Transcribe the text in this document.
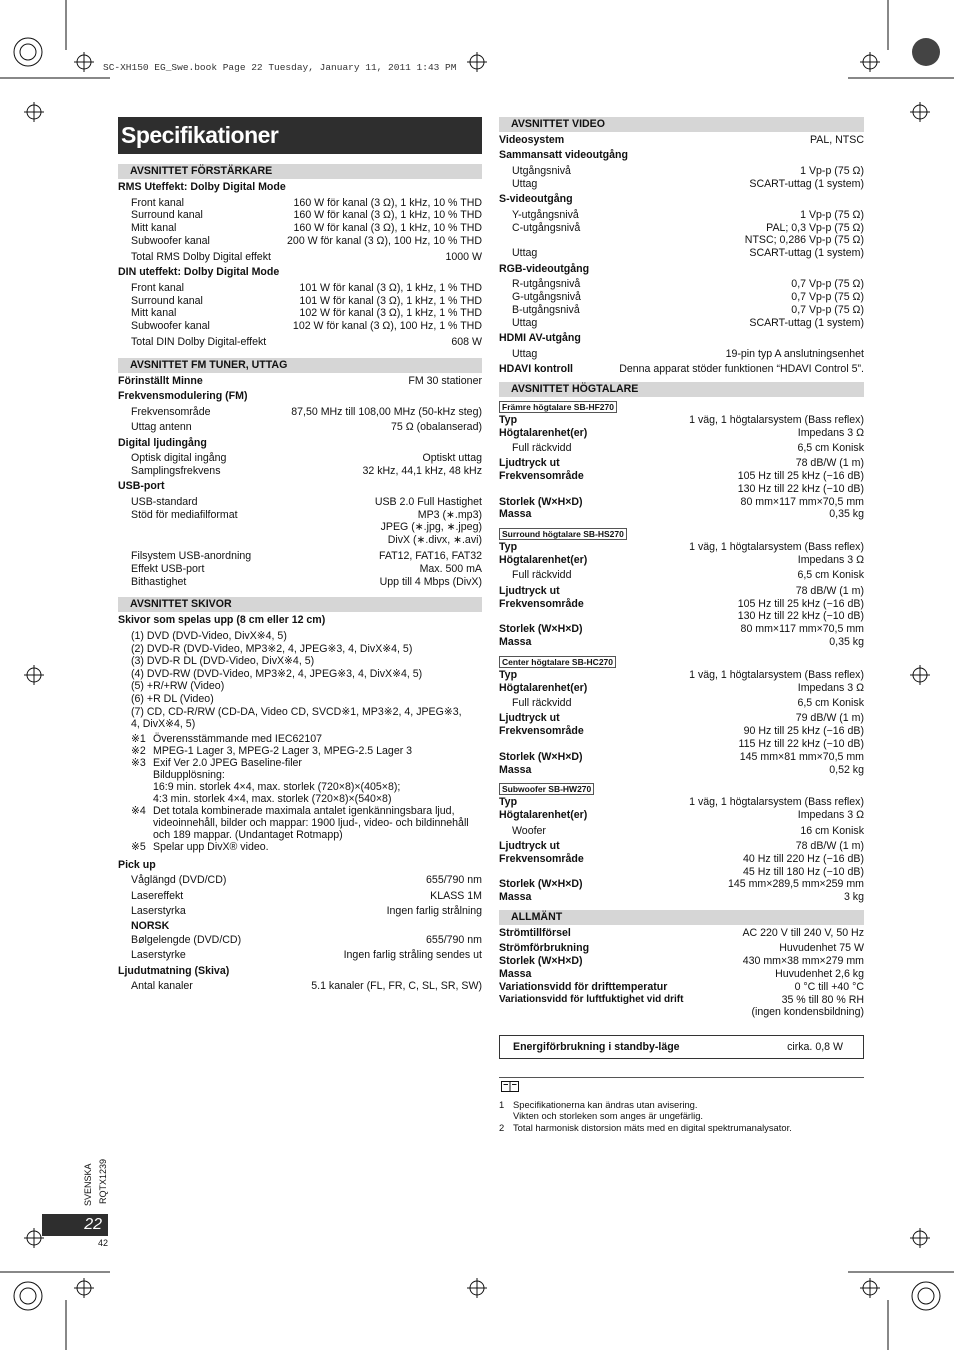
SC-XH150 EG_Swe.book Page 22 Tuesday, January 11, 2011 1:43 PM
Specifikationer
AVSNITTET FÖRSTÄRKARE
RMS Uteffekt: Dolby Digital Mode
Front kanal	160 W för kanal (3 Ω), 1 kHz, 10 % THD
Surround kanal	160 W för kanal (3 Ω), 1 kHz, 10 % THD
Mitt kanal	160 W för kanal (3 Ω), 1 kHz, 10 % THD
Subwoofer kanal	200 W för kanal (3 Ω), 100 Hz, 10 % THD
Total RMS Dolby Digital effekt	1000 W
DIN uteffekt: Dolby Digital Mode
Front kanal	101 W för kanal (3 Ω), 1 kHz, 1 % THD
Surround kanal	101 W för kanal (3 Ω), 1 kHz, 1 % THD
Mitt kanal	102 W för kanal (3 Ω), 1 kHz, 1 % THD
Subwoofer kanal	102 W för kanal (3 Ω), 100 Hz, 1 % THD
Total DIN Dolby Digital-effekt	608 W
AVSNITTET FM TUNER, UTTAG
Förinställt Minne	FM 30 stationer
Frekvensmodulering (FM)
Frekvensområde	87,50 MHz till 108,00 MHz (50-kHz steg)
Uttag antenn	75 Ω (obalanserad)
Digital ljudingång
Optisk digital ingång	Optiskt uttag
Samplingsfrekvens	32 kHz, 44,1 kHz, 48 kHz
USB-port
USB-standard	USB 2.0 Full Hastighet
Stöd för mediafilformat	MP3 (∗.mp3)
JPEG (∗.jpg, ∗.jpeg)
DivX (∗.divx, ∗.avi)
Filsystem USB-anordning	FAT12, FAT16, FAT32
Effekt USB-port	Max. 500 mA
Bithastighet	Upp till 4 Mbps (DivX)
AVSNITTET SKIVOR
Skivor som spelas upp (8 cm eller 12 cm)
(1) DVD (DVD-Video, DivX※4, 5)
(2) DVD-R (DVD-Video, MP3※2, 4, JPEG※3, 4, DivX※4, 5)
(3) DVD-R DL (DVD-Video, DivX※4, 5)
(4) DVD-RW (DVD-Video, MP3※2, 4, JPEG※3, 4, DivX※4, 5)
(5) +R/+RW (Video)
(6) +R DL (Video)
(7) CD, CD-R/RW (CD-DA, Video CD, SVCD※1, MP3※2, 4, JPEG※3, 4, DivX※4, 5)
※1 Överensstämmande med IEC62107
※2 MPEG-1 Lager 3, MPEG-2 Lager 3, MPEG-2.5 Lager 3
※3 Exif Ver 2.0 JPEG Baseline-filer
Bildupplösning:
16:9 min. storlek 4×4, max. storlek (720×8)×(405×8);
4:3 min. storlek 4×4, max. storlek (720×8)×(540×8)
※4 Det totala kombinerade maximala antalet igenkänningsbara ljud, videoinnehåll, bilder och mappar: 1900 ljud-, video- och bildinnehåll och 189 mappar. (Undantaget Rotmapp)
※5 Spelar upp DivX® video.
Pick up
Våglängd (DVD/CD)	655/790 nm
Lasereffekt	KLASS 1M
Laserstyrka	Ingen farlig strålning
NORSK
Bølgelengde (DVD/CD)	655/790 nm
Laserstyrke	Ingen farlig stråling sendes ut
Ljudutmatning (Skiva)
Antal kanaler	5.1 kanaler (FL, FR, C, SL, SR, SW)
AVSNITTET VIDEO
Videosystem	PAL, NTSC
Sammansatt videoutgång
Utgångsnivå	1 Vp-p (75 Ω)
Uttag	SCART-uttag (1 system)
S-videoutgång
Y-utgångsnivå	1 Vp-p (75 Ω)
C-utgångsnivå	PAL; 0,3 Vp-p (75 Ω)
NTSC; 0,286 Vp-p (75 Ω)
Uttag	SCART-uttag (1 system)
RGB-videoutgång
R-utgångsnivå	0,7 Vp-p (75 Ω)
G-utgångsnivå	0,7 Vp-p (75 Ω)
B-utgångsnivå	0,7 Vp-p (75 Ω)
Uttag	SCART-uttag (1 system)
HDMI AV-utgång
Uttag	19-pin typ A anslutningsenhet
HDAVI kontroll	Denna apparat stöder funktionen “HDAVI Control 5”.
AVSNITTET HÖGTALARE
Främre högtalare SB-HF270
Typ	1 väg, 1 högtalarsystem (Bass reflex)
Högtalarenhet(er)	Impedans 3 Ω
Full räckvidd	6,5 cm Konisk
Ljudtryck ut	78 dB/W (1 m)
Frekvensområde	105 Hz till 25 kHz (−16 dB)
130 Hz till 22 kHz (−10 dB)
Storlek (W×H×D)	80 mm×117 mm×70,5 mm
Massa	0,35 kg
Surround högtalare SB-HS270
Typ	1 väg, 1 högtalarsystem (Bass reflex)
Högtalarenhet(er)	Impedans 3 Ω
Full räckvidd	6,5 cm Konisk
Ljudtryck ut	78 dB/W (1 m)
Frekvensområde	105 Hz till 25 kHz (−16 dB)
130 Hz till 22 kHz (−10 dB)
Storlek (W×H×D)	80 mm×117 mm×70,5 mm
Massa	0,35 kg
Center högtalare SB-HC270
Typ	1 väg, 1 högtalarsystem (Bass reflex)
Högtalarenhet(er)	Impedans 3 Ω
Full räckvidd	6,5 cm Konisk
Ljudtryck ut	79 dB/W (1 m)
Frekvensområde	90 Hz till 25 kHz (−16 dB)
115 Hz till 22 kHz (−10 dB)
Storlek (W×H×D)	145 mm×81 mm×70,5 mm
Massa	0,52 kg
Subwoofer SB-HW270
Typ	1 väg, 1 högtalarsystem (Bass reflex)
Högtalarenhet(er)	Impedans 3 Ω
Woofer	16 cm Konisk
Ljudtryck ut	78 dB/W (1 m)
Frekvensområde	40 Hz till 220 Hz (−16 dB)
45 Hz till 180 Hz (−10 dB)
Storlek (W×H×D)	145 mm×289,5 mm×259 mm
Massa	3 kg
ALLMÄNT
Strömtillförsel	AC 220 V till 240 V, 50 Hz
Strömförbrukning	Huvudenhet 75 W
Storlek (W×H×D)	430 mm×38 mm×279 mm
Massa	Huvudenhet 2,6 kg
Variationsvidd för drifttemperatur	0 °C till +40 °C
Variationsvidd för luftfuktighet vid drift	35 % till 80 % RH
(ingen kondensbildning)
Energiförbrukning i standby-läge	cirka. 0,8 W
1 Specifikationerna kan ändras utan avisering.
Vikten och storleken som anges är ungefärlig.
2 Total harmonisk distorsion mäts med en digital spektrumanalysator.
SVENSKA RQTX1239
22
42
